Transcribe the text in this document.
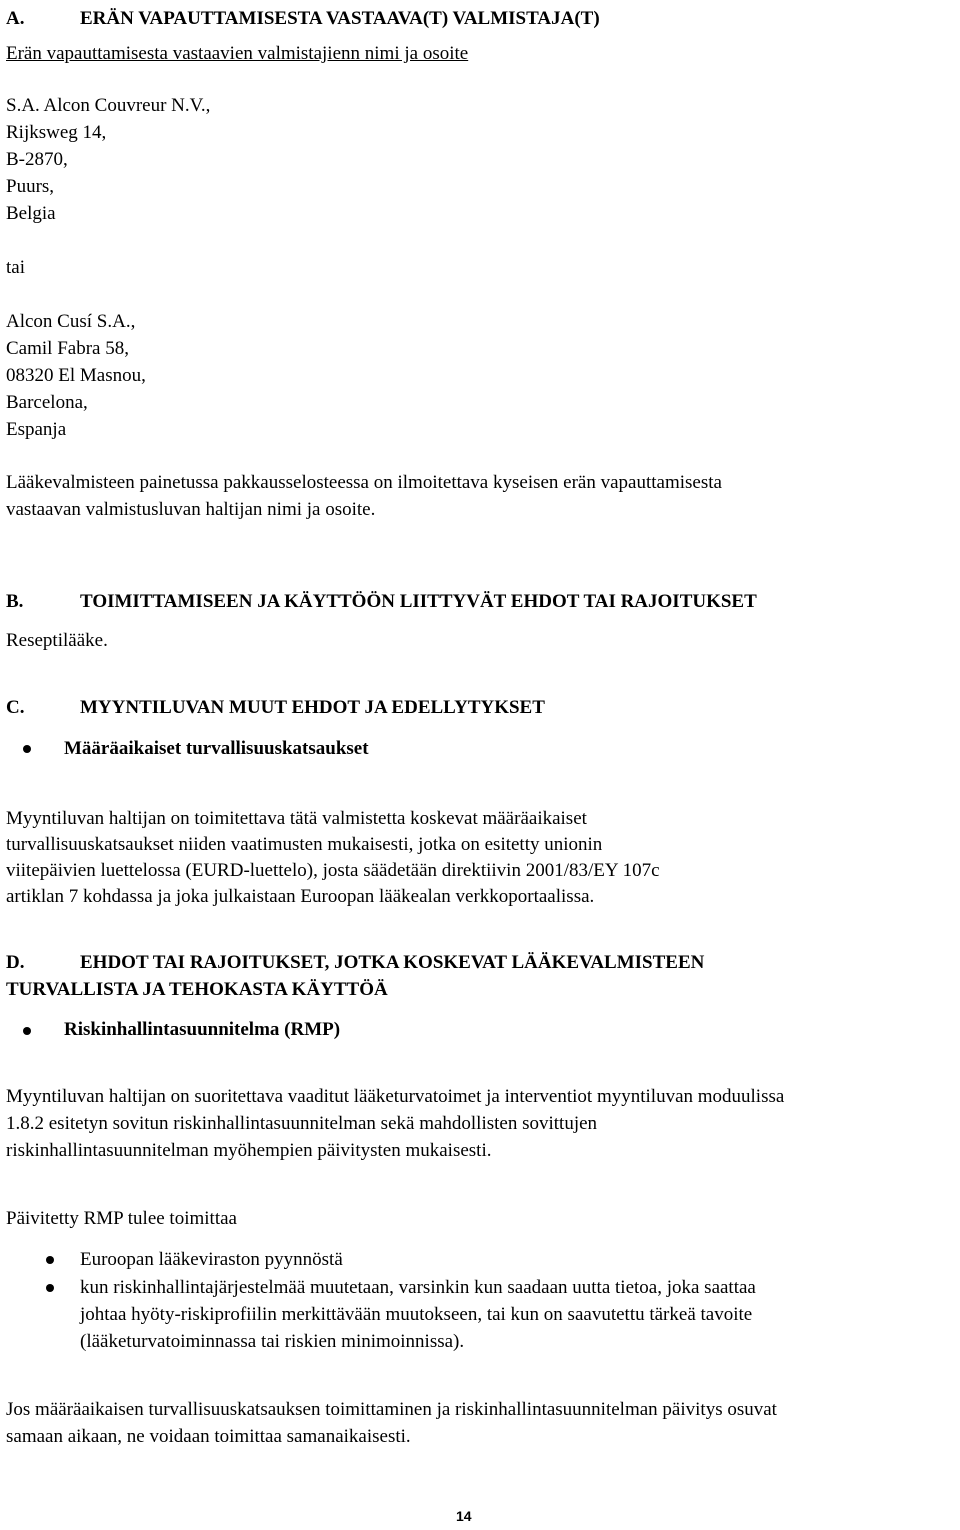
A.	ERÄN VAPAUTTAMISESTA VASTAAVA(T) VALMISTAJA(T)
Erän vapauttamisesta vastaavien valmistajienn nimi ja osoite
S.A. Alcon Couvreur N.V.,
Rijksweg 14,
B-2870,
Puurs,
Belgia
tai
Alcon Cusí S.A.,
Camil Fabra 58,
08320 El Masnou,
Barcelona,
Espanja
Lääkevalmisteen painetussa pakkausselosteessa on ilmoitettava kyseisen erän vapauttamisesta
vastaavan valmistusluvan haltijan nimi ja osoite.
B.	TOIMITTAMISEEN JA KÄYTTÖÖN LIITTYVÄT EHDOT TAI RAJOITUKSET
Reseptilääke.
C.	MYYNTILUVAN MUUT EHDOT JA EDELLYTYKSET
Määräaikaiset turvallisuuskatsaukset
Myyntiluvan haltijan on toimitettava tätä valmistetta koskevat määräaikaiset
turvallisuuskatsaukset niiden vaatimusten mukaisesti, jotka on esitetty unionin
viitepäivien luettelossa (EURD-luettelo), josta säädetään direktiivin 2001/83/EY 107c
artiklan 7 kohdassa ja joka julkaistaan Euroopan lääkealan verkkoportaalissa.
D.	EHDOT TAI RAJOITUKSET, JOTKA KOSKEVAT LÄÄKEVALMISTEEN
TURVALLISTA JA TEHOKASTA KÄYTTÖÄ
Riskinhallintasuunnitelma (RMP)
Myyntiluvan haltijan on suoritettava vaaditut lääketurvatoimet ja interventiot myyntiluvan moduulissa
1.8.2 esitetyn sovitun riskinhallintasuunnitelman sekä mahdollisten sovittujen
riskinhallintasuunnitelman myöhempien päivitysten mukaisesti.
Päivitetty RMP tulee toimittaa
Euroopan lääkeviraston pyynnöstä
kun riskinhallintajärjestelmää muutetaan, varsinkin kun saadaan uutta tietoa, joka saattaa
johtaa hyöty-riskiprofiilin merkittävään muutokseen, tai kun on saavutettu tärkeä tavoite
(lääketurvatoiminnassa tai riskien minimoinnissa).
Jos määräaikaisen turvallisuuskatsauksen toimittaminen ja riskinhallintasuunnitelman päivitys osuvat
samaan aikaan, ne voidaan toimittaa samanaikaisesti.
14
